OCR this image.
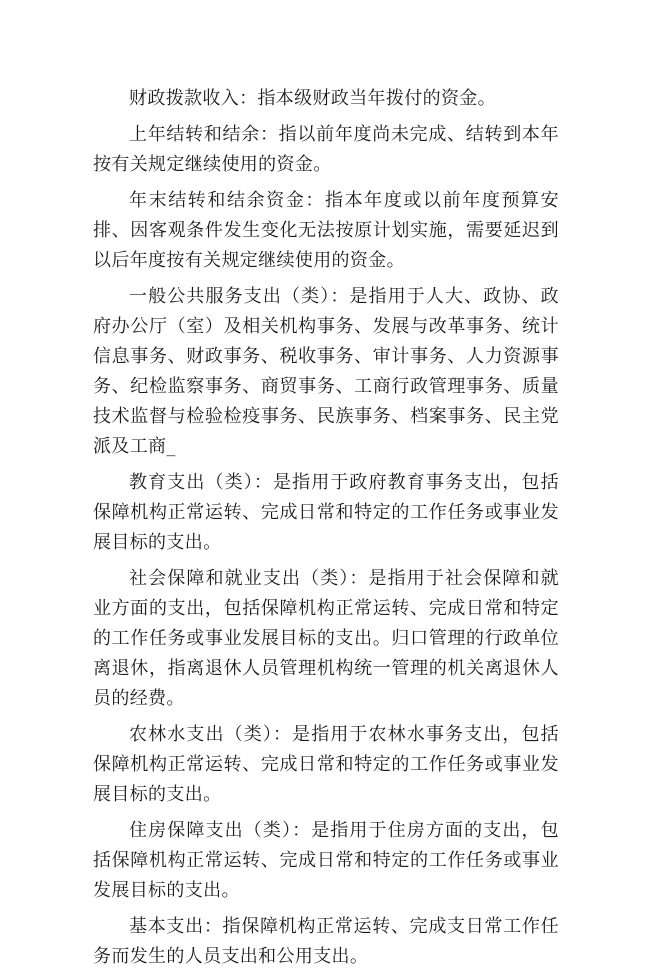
财政拨款收入：指本级财政当年拨付的资金。

上年结转和结余：指以前年度尚未完成、结转到本年按有关规定继续使用的资金。

年末结转和结余资金：指本年度或以前年度预算安排、因客观条件发生变化无法按原计划实施，需要延迟到以后年度按有关规定继续使用的资金。

一般公共服务支出（类）：是指用于人大、政协、政府办公厅（室）及相关机构事务、发展与改革事务、统计信息事务、财政事务、税收事务、审计事务、人力资源事务、纪检监察事务、商贸事务、工商行政管理事务、质量技术监督与检验检疫事务、民族事务、档案事务、民主党派及工商_

教育支出（类）：是指用于政府教育事务支出，包括保障机构正常运转、完成日常和特定的工作任务或事业发展目标的支出。

社会保障和就业支出（类）：是指用于社会保障和就业方面的支出，包括保障机构正常运转、完成日常和特定的工作任务或事业发展目标的支出。归口管理的行政单位离退休，指离退休人员管理机构统一管理的机关离退休人员的经费。

农林水支出（类）：是指用于农林水事务支出，包括保障机构正常运转、完成日常和特定的工作任务或事业发展目标的支出。

住房保障支出（类）：是指用于住房方面的支出，包括保障机构正常运转、完成日常和特定的工作任务或事业发展目标的支出。

基本支出：指保障机构正常运转、完成支日常工作任务而发生的人员支出和公用支出。
